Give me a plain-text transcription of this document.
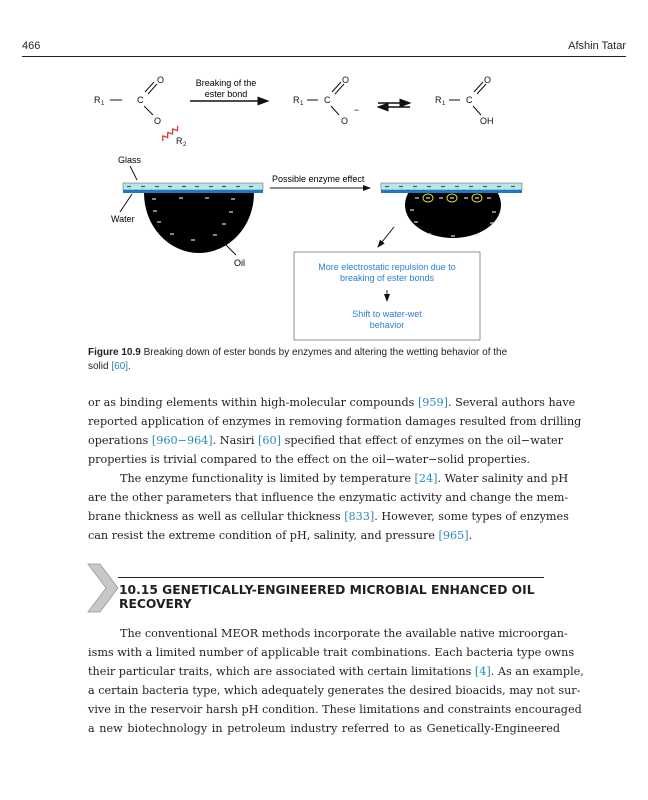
466	Afshin Tatar
R 1	C
O
O
R 2
Breaking of the
ester bond
R 1 C
O
O
−
R 1 C
O
OH
Glass
Water
Oil
Possible enzyme effect
More electrostatic repulsion due to
breaking of ester bonds
Shift to water-wet
behavior
Figure 10.9 Breaking down of ester bonds by enzymes and altering the wetting behavior of the
solid [60].
or as binding elements within high-molecular compounds [959]. Several authors have
reported application of enzymes in removing formation damages resulted from drilling
operations [960−964]. Nasiri [60] specified that effect of enzymes on the oil−water
properties is trivial compared to the effect on the oil−water−solid properties.
The enzyme functionality is limited by temperature [24]. Water salinity and pH
are the other parameters that influence the enzymatic activity and change the mem-
brane thickness as well as cellular thickness [833]. However, some types of enzymes
can resist the extreme condition of pH, salinity, and pressure [965].
10.15 GENETICALLY-ENGINEERED MICROBIAL ENHANCED OIL
RECOVERY
The conventional MEOR methods incorporate the available native microorgan-
isms with a limited number of applicable trait combinations. Each bacteria type owns
their particular traits, which are associated with certain limitations [4]. As an example,
a certain bacteria type, which adequately generates the desired bioacids, may not sur-
vive in the reservoir harsh pH condition. These limitations and constraints encouraged
a new biotechnology in petroleum industry referred to as Genetically-Engineered
